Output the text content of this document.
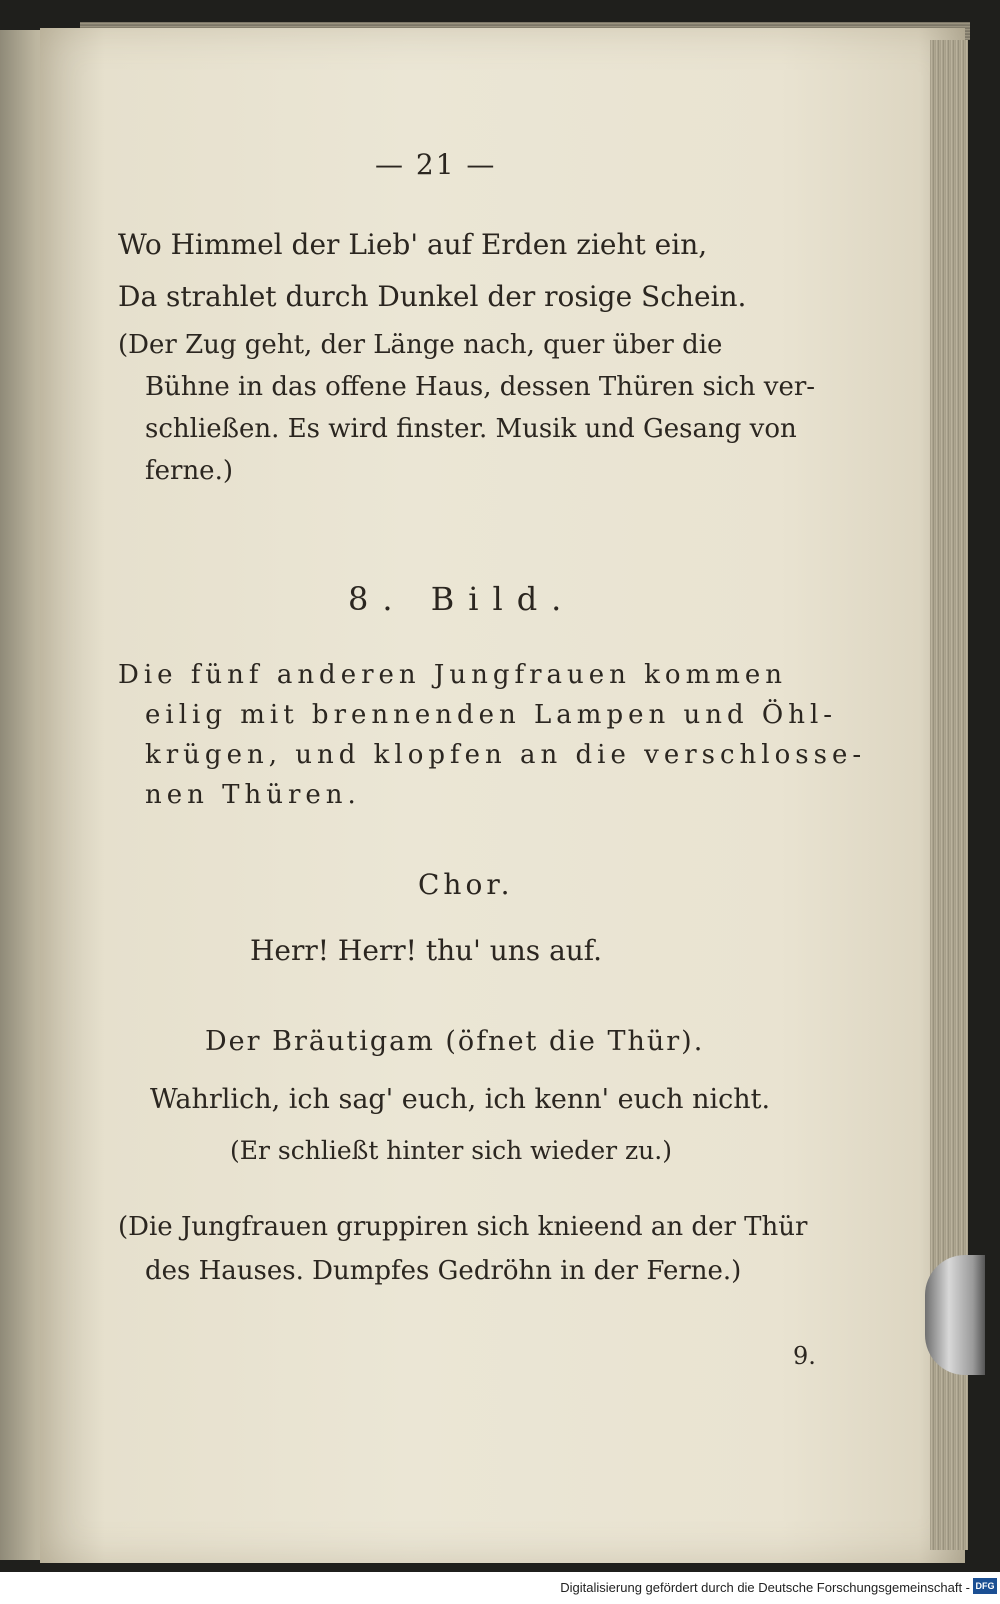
— 21 —
Wo Himmel der Lieb' auf Erden zieht ein,
Da strahlet durch Dunkel der rosige Schein.
(Der Zug geht, der Länge nach, quer über die
Bühne in das offene Haus, dessen Thüren sich ver-
schließen. Es wird finster. Musik und Gesang von
ferne.)
8. Bild.
Die fünf anderen Jungfrauen kommen
eilig mit brennenden Lampen und Öhl-
krügen, und klopfen an die verschlosse-
nen Thüren.
Chor.
Herr! Herr! thu' uns auf.
Der Bräutigam (öfnet die Thür).
Wahrlich, ich sag' euch, ich kenn' euch nicht.
(Er schließt hinter sich wieder zu.)
(Die Jungfrauen gruppiren sich knieend an der Thür
des Hauses. Dumpfes Gedröhn in der Ferne.)
9.
Digitalisierung gefördert durch die Deutsche Forschungsgemeinschaft - DFG
